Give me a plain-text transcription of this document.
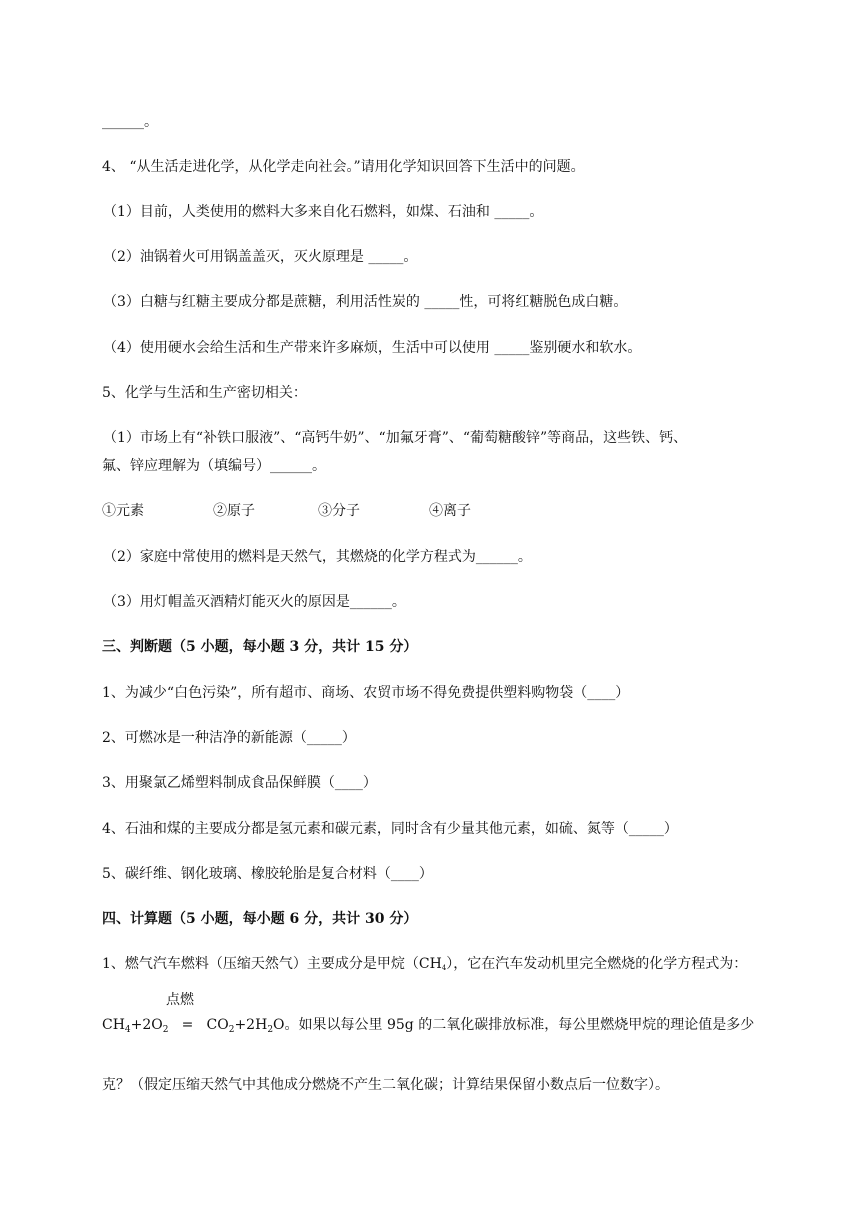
______。
4、 “从生活走进化学，从化学走向社会。”请用化学知识回答下生活中的问题。
（1）目前，人类使用的燃料大多来自化石燃料，如煤、石油和 _____。
（2）油锅着火可用锅盖盖灭，灭火原理是 _____。
（3）白糖与红糖主要成分都是蔗糖，利用活性炭的 _____性，可将红糖脱色成白糖。
（4）使用硬水会给生活和生产带来许多麻烦，生活中可以使用 _____鉴别硬水和软水。
5、化学与生活和生产密切相关：
（1）市场上有“补铁口服液”、“高钙牛奶”、“加氟牙膏”、“葡萄糖酸锌”等商品，这些铁、钙、
氟、锌应理解为（填编号）______。
①元素	②原子	③分子	④离子
（2）家庭中常使用的燃料是天然气，其燃烧的化学方程式为______。
（3）用灯帽盖灭酒精灯能灭火的原因是______。
三、判断题（5 小题，每小题 3 分，共计 15 分）
1、为减少“白色污染”，所有超市、商场、农贸市场不得免费提供塑料购物袋（____）
2、可燃冰是一种洁净的新能源（_____）
3、用聚氯乙烯塑料制成食品保鲜膜（____）
4、石油和煤的主要成分都是氢元素和碳元素，同时含有少量其他元素，如硫、氮等（_____）
5、碳纤维、钢化玻璃、橡胶轮胎是复合材料（____）
四、计算题（5 小题，每小题 6 分，共计 30 分）
1、燃气汽车燃料（压缩天然气）主要成分是甲烷$(CH_4)$，它在汽车发动机里完全燃烧的化学方程式为：
点燃
$CH_4+2O_2=CO_2+2H_2O$。如果以每公里 95g 的二氧化碳排放标准，每公里燃烧甲烷的理论值是多少
克？（假定压缩天然气中其他成分燃烧不产生二氧化碳；计算结果保留小数点后一位数字）。
